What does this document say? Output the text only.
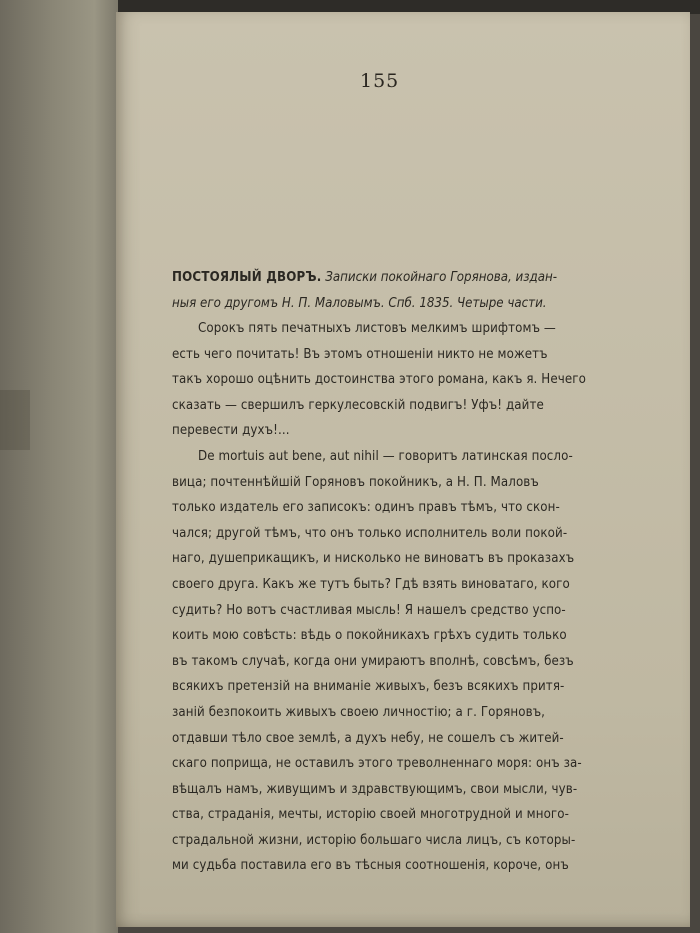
155
ПОСТОЯЛЫЙ ДВОРЪ. Записки покойнаго Горянова, издан-
ныя его другомъ Н. П. Маловымъ. Спб. 1835. Четыре части.
Сорокъ пять печатныхъ листовъ мелкимъ шрифтомъ —
есть чего почитать! Въ этомъ отношеніи никто не можетъ
такъ хорошо оцѣнить достоинства этого романа, какъ я. Нечего
сказать — свершилъ геркулесовскій подвигъ! Уфъ! дайте
перевести духъ!...
De mortuis aut bene, aut nihil — говоритъ латинская посло-
вица; почтеннѣйшій Горяновъ покойникъ, а Н. П. Маловъ
только издатель его записокъ: одинъ правъ тѣмъ, что скон-
чался; другой тѣмъ, что онъ только исполнитель воли покой-
наго, душеприкащикъ, и нисколько не виноватъ въ проказахъ
своего друга. Какъ же тутъ быть? Гдѣ взять виноватаго, кого
судить? Но вотъ счастливая мысль! Я нашелъ средство успо-
коить мою совѣсть: вѣдь о покойникахъ грѣхъ судить только
въ такомъ случаѣ, когда они умираютъ вполнѣ, совсѣмъ, безъ
всякихъ претензій на вниманіе живыхъ, безъ всякихъ притя-
заній безпокоить живыхъ своею личностію; а г. Горяновъ,
отдавши тѣло свое землѣ, а духъ небу, не сошелъ съ житей-
скаго поприща, не оставилъ этого треволненнаго моря: онъ за-
вѣщалъ намъ, живущимъ и здравствующимъ, свои мысли, чув-
ства, страданія, мечты, исторію своей многотрудной и много-
страдальной жизни, исторію большаго числа лицъ, съ которы-
ми судьба поставила его въ тѣсныя соотношенія, короче, онъ
